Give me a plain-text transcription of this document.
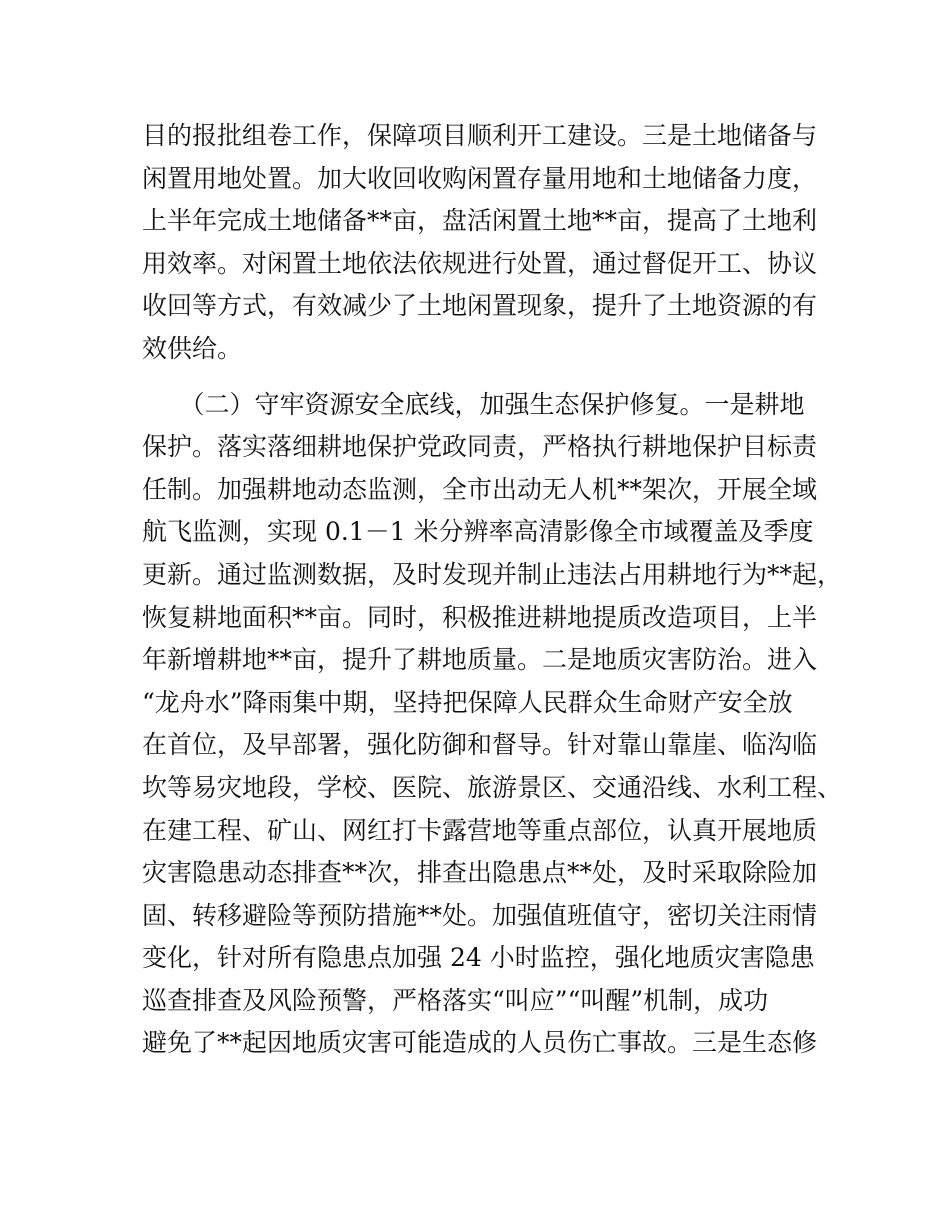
目的报批组卷工作，保障项目顺利开工建设。三是土地储备与
闲置用地处置。加大收回收购闲置存量用地和土地储备力度，
上半年完成土地储备**亩，盘活闲置土地**亩，提高了土地利
用效率。对闲置土地依法依规进行处置，通过督促开工、协议
收回等方式，有效减少了土地闲置现象，提升了土地资源的有
效供给。
　　（二）守牢资源安全底线，加强生态保护修复。一是耕地
保护。落实落细耕地保护党政同责，严格执行耕地保护目标责
任制。加强耕地动态监测，全市出动无人机**架次，开展全域
航飞监测，实现 0.1－1 米分辨率高清影像全市域覆盖及季度
更新。通过监测数据，及时发现并制止违法占用耕地行为**起，
恢复耕地面积**亩。同时，积极推进耕地提质改造项目，上半
年新增耕地**亩，提升了耕地质量。二是地质灾害防治。进入
“龙舟水”降雨集中期，坚持把保障人民群众生命财产安全放
在首位，及早部署，强化防御和督导。针对靠山靠崖、临沟临
坎等易灾地段，学校、医院、旅游景区、交通沿线、水利工程、
在建工程、矿山、网红打卡露营地等重点部位，认真开展地质
灾害隐患动态排查**次，排查出隐患点**处，及时采取除险加
固、转移避险等预防措施**处。加强值班值守，密切关注雨情
变化，针对所有隐患点加强 24 小时监控，强化地质灾害隐患
巡查排查及风险预警，严格落实“叫应”“叫醒”机制，成功
避免了**起因地质灾害可能造成的人员伤亡事故。三是生态修
